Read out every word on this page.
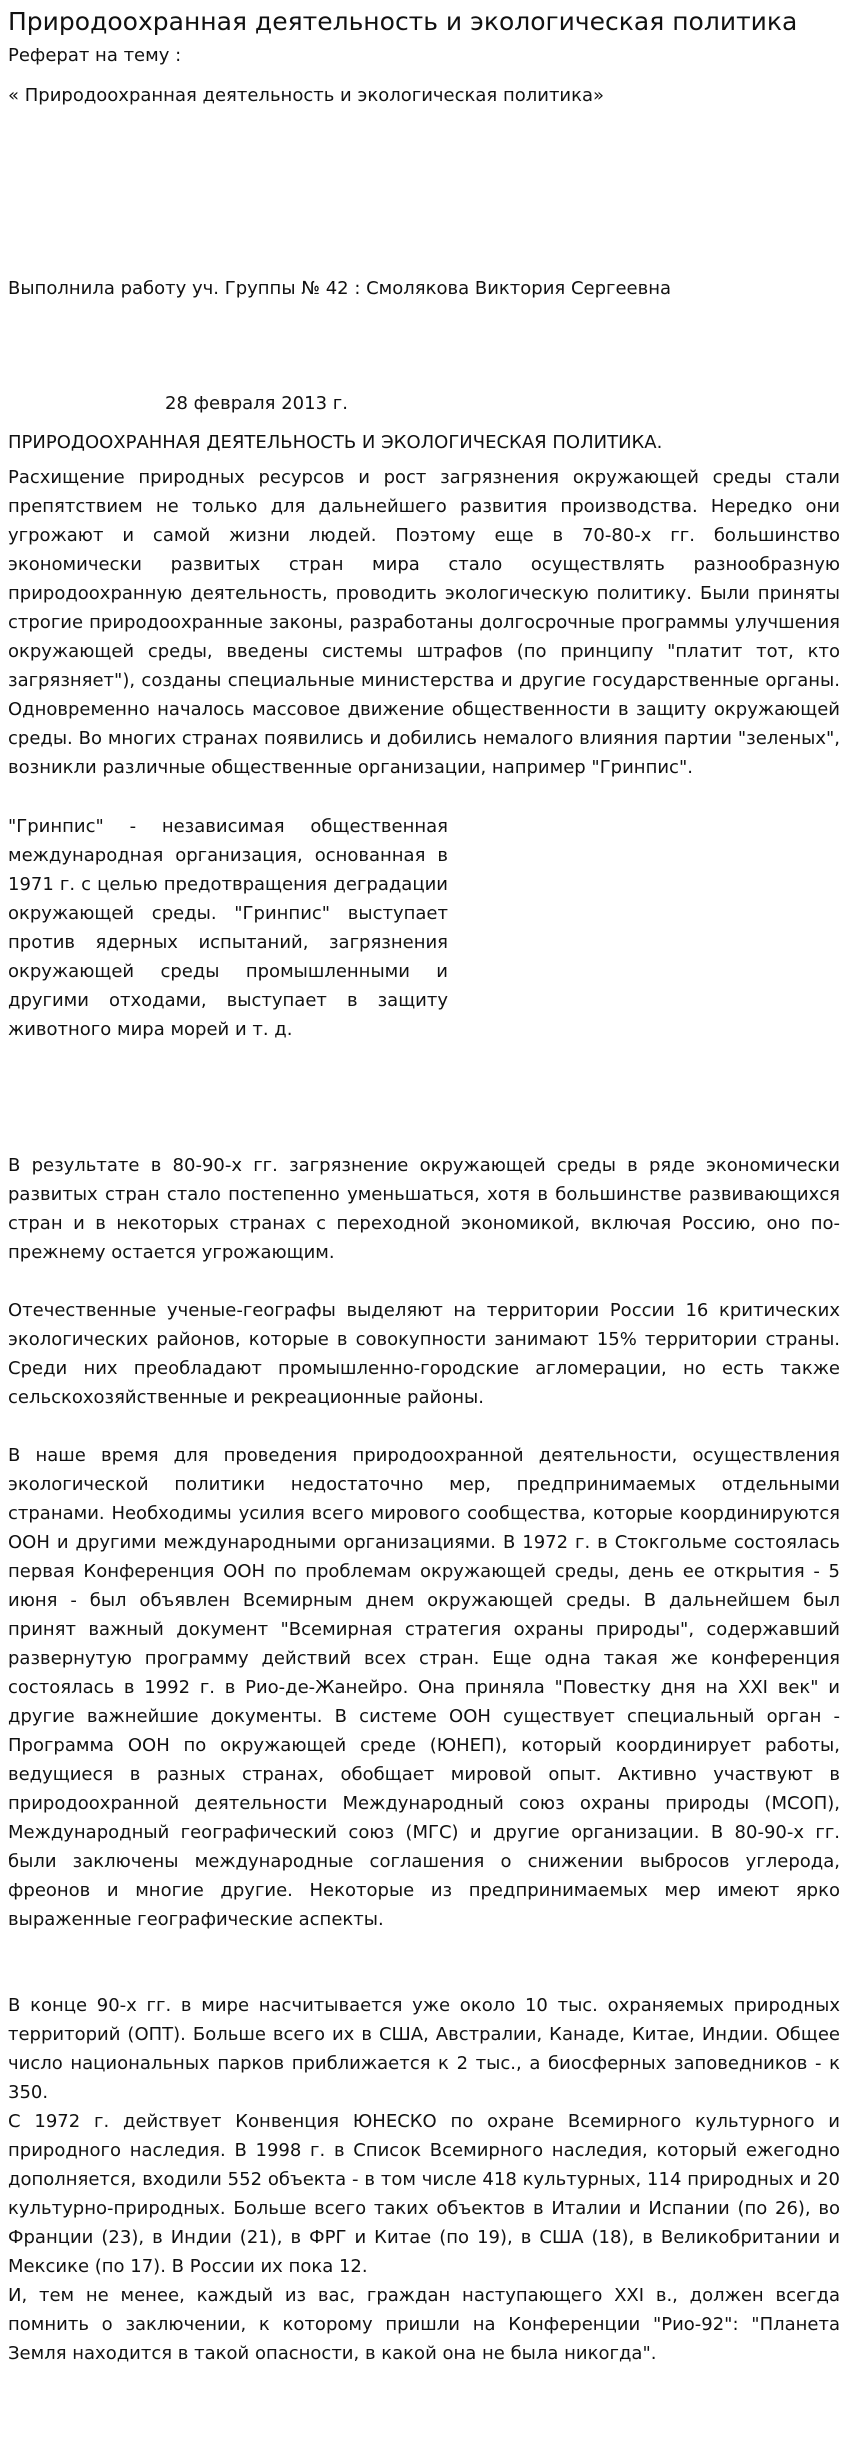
Природоохранная деятельность и экологическая политика
Реферат на тему :
« Природоохранная деятельность и экологическая политика»
Выполнила работу уч. Группы № 42 : Смолякова Виктория Сергеевна
28 февраля 2013 г.
ПРИРОДООХРАННАЯ ДЕЯТЕЛЬНОСТЬ И ЭКОЛОГИЧЕСКАЯ ПОЛИТИКА.
Расхищение природных ресурсов и рост загрязнения окружающей среды стали препятствием не только для дальнейшего развития производства. Нередко они угрожают и самой жизни людей. Поэтому еще в 70-80-х гг. большинство экономически развитых стран мира стало осуществлять разнообразную природоохранную деятельность, проводить экологическую политику. Были приняты строгие природоохранные законы, разработаны долгосрочные программы улучшения окружающей среды, введены системы штрафов (по принципу "платит тот, кто загрязняет"), созданы специальные министерства и другие государственные органы. Одновременно началось массовое движение общественности в защиту окружающей среды. Во многих странах появились и добились немалого влияния партии "зеленых", возникли различные общественные организации, например "Гринпис".
"Гринпис" - независимая общественная международная организация, основанная в 1971 г. с целью предотвращения деградации окружающей среды. "Гринпис" выступает против ядерных испытаний, загрязнения окружающей среды промышленными и другими отходами, выступает в защиту животного мира морей и т. д.
В результате в 80-90-х гг. загрязнение окружающей среды в ряде экономически развитых стран стало постепенно уменьшаться, хотя в большинстве развивающихся стран и в некоторых странах с переходной экономикой, включая Россию, оно по-прежнему остается угрожающим.
Отечественные ученые-географы выделяют на территории России 16 критических экологических районов, которые в совокупности занимают 15% территории страны. Среди них преобладают промышленно-городские агломерации, но есть также сельскохозяйственные и рекреационные районы.
В наше время для проведения природоохранной деятельности, осуществления экологической политики недостаточно мер, предпринимаемых отдельными странами. Необходимы усилия всего мирового сообщества, которые координируются ООН и другими международными организациями. В 1972 г. в Стокгольме состоялась первая Конференция ООН по проблемам окружающей среды, день ее открытия - 5 июня - был объявлен Всемирным днем окружающей среды. В дальнейшем был принят важный документ "Всемирная стратегия охраны природы", содержавший развернутую программу действий всех стран. Еще одна такая же конференция состоялась в 1992 г. в Рио-де-Жанейро. Она приняла "Повестку дня на XXI век" и другие важнейшие документы. В системе ООН существует специальный орган - Программа ООН по окружающей среде (ЮНЕП), который координирует работы, ведущиеся в разных странах, обобщает мировой опыт. Активно участвуют в природоохранной деятельности Международный союз охраны природы (МСОП), Международный географический союз (МГС) и другие организации. В 80-90-х гг. были заключены международные соглашения о снижении выбросов углерода, фреонов и многие другие. Некоторые из предпринимаемых мер имеют ярко выраженные географические аспекты.
В конце 90-х гг. в мире насчитывается уже около 10 тыс. охраняемых природных территорий (ОПТ). Больше всего их в США, Австралии, Канаде, Китае, Индии. Общее число национальных парков приближается к 2 тыс., а биосферных заповедников - к 350.
С 1972 г. действует Конвенция ЮНЕСКО по охране Всемирного культурного и природного наследия. В 1998 г. в Список Всемирного наследия, который ежегодно дополняется, входили 552 объекта - в том числе 418 культурных, 114 природных и 20 культурно-природных. Больше всего таких объектов в Италии и Испании (по 26), во Франции (23), в Индии (21), в ФРГ и Китае (по 19), в США (18), в Великобритании и Мексике (по 17). В России их пока 12.
И, тем не менее, каждый из вас, граждан наступающего XXI в., должен всегда помнить о заключении, к которому пришли на Конференции "Рио-92": "Планета Земля находится в такой опасности, в какой она не была никогда".
